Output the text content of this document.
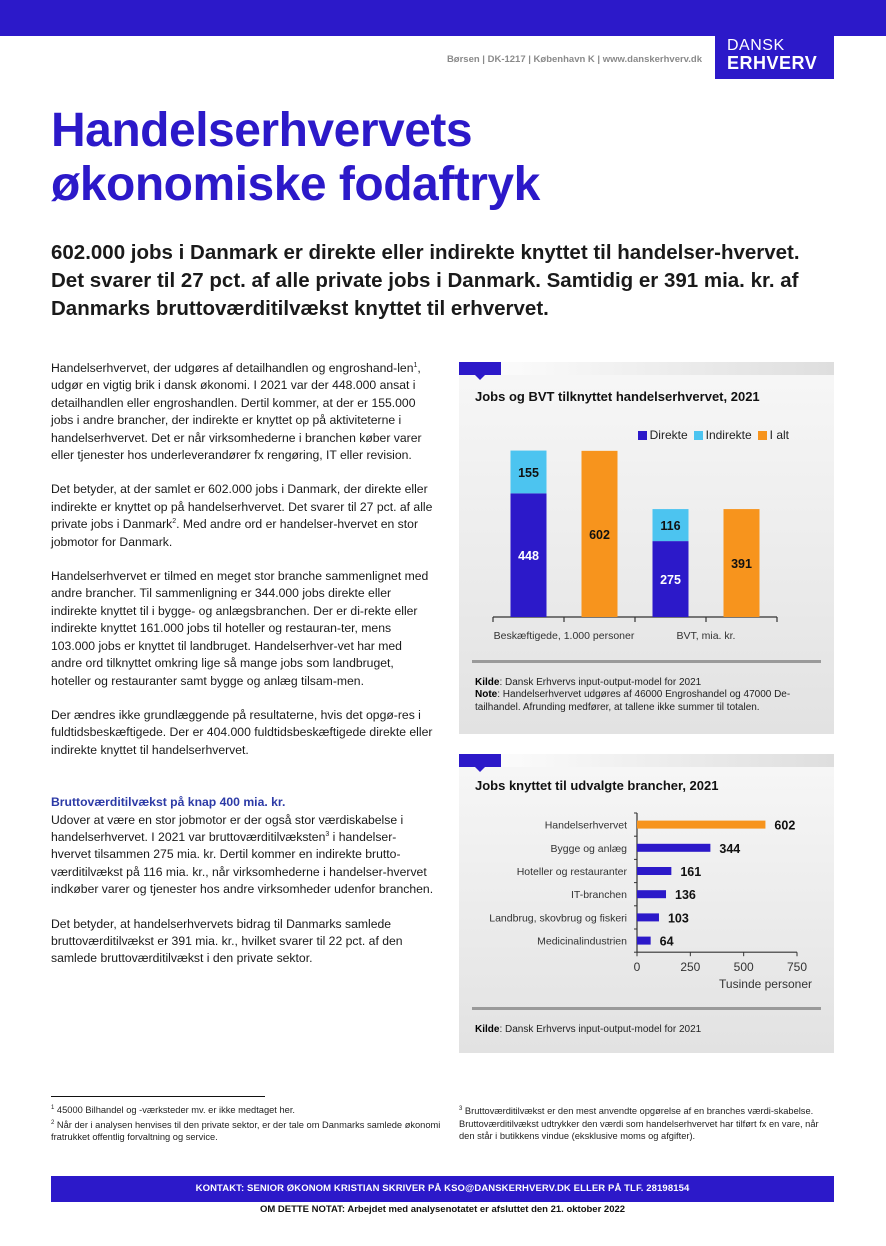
DANSK
ERHVERV
Børsen | DK-1217 | København K | www.danskerhverv.dk
Handelserhvervets
økonomiske fodaftryk
602.000 jobs i Danmark er direkte eller indirekte knyttet til handelser-hvervet. Det svarer til 27 pct. af alle private jobs i Danmark. Samtidig er 391 mia. kr. af Danmarks bruttoværditilvækst knyttet til erhvervet.

Handelserhvervet, der udgøres af detailhandlen og engroshand-len$^1$, udgør en vigtig brik i dansk økonomi. I 2021 var der 448.000 ansat i detailhandlen eller engroshandlen. Dertil kommer, at der er 155.000 jobs i andre brancher, der indirekte er knyttet op på aktiviteterne i handelserhvervet. Det er når virksomhederne i branchen køber varer eller tjenester hos underleverandører fx rengøring, IT eller revision.

Det betyder, at der samlet er 602.000 jobs i Danmark, der direkte eller indirekte er knyttet op på handelserhvervet. Det svarer til 27 pct. af alle private jobs i Danmark$^2$. Med andre ord er handelser-hvervet en stor jobmotor for Danmark.

Handelserhvervet er tilmed en meget stor branche sammenlignet med andre brancher. Til sammenligning er 344.000 jobs direkte eller indirekte knyttet til i bygge- og anlægsbranchen. Der er di-rekte eller indirekte knyttet 161.000 jobs til hoteller og restauran-ter, mens 103.000 jobs er knyttet til landbruget. Handelserhver-vet har med andre ord tilknyttet omkring lige så mange jobs som landbruget, hoteller og restauranter samt bygge og anlæg tilsam-men.

Der ændres ikke grundlæggende på resultaterne, hvis det opgø-res i fuldtidsbeskæftigede. Der er 404.000 fuldtidsbeskæftigede direkte eller indirekte knyttet til handelserhvervet.

Bruttoværditilvækst på knap 400 mia. kr.
Udover at være en stor jobmotor er der også stor værdiskabelse i handelserhvervet. I 2021 var bruttoværditilvæksten$^3$ i handelser-hvervet tilsammen 275 mia. kr. Dertil kommer en indirekte brutto-værditilvækst på 116 mia. kr., når virksomhederne i handelser-hvervet indkøber varer og tjenester hos andre virksomheder udenfor branchen.

Det betyder, at handelserhvervets bidrag til Danmarks samlede bruttoværditilvækst er 391 mia. kr., hvilket svarer til 22 pct. af den samlede bruttoværditilvækst i den private sektor.

Jobs og BVT tilknyttet handelserhvervet, 2021
Direkte Indirekte I alt
448
155
602
Beskæftigede, 1.000 personer
275
116
391
BVT, mia. kr.
Kilde: Dansk Erhvervs input-output-model for 2021
Note: Handelserhvervet udgøres af 46000 Engroshandel og 47000 De-tailhandel. Afrunding medfører, at tallene ikke summer til totalen.
Jobs knyttet til udvalgte brancher, 2021
Handelserhvervet	602
Bygge og anlæg	344
Hoteller og restauranter	161
IT-branchen	136
Landbrug, skovbrug og fiskeri	103
Medicinalindustrien	64
0	250	500	750
Tusinde personer
Kilde: Dansk Erhvervs input-output-model for 2021
$^1$ 45000 Bilhandel og -værksteder mv. er ikke medtaget her.
$^2$ Når der i analysen henvises til den private sektor, er der tale om Danmarks samlede økonomi fratrukket offentlig forvaltning og service.
$^3$ Bruttoværditilvækst er den mest anvendte opgørelse af en branches værdi-skabelse. Bruttoværditilvækst udtrykker den værdi som handelserhvervet har tilført fx en vare, når den står i butikkens vindue (eksklusive moms og afgifter).
KONTAKT: SENIOR ØKONOM KRISTIAN SKRIVER PÅ KSO@DANSKERHVERV.DK ELLER PÅ TLF. 28198154
OM DETTE NOTAT: Arbejdet med analysenotatet er afsluttet den 21. oktober 2022
